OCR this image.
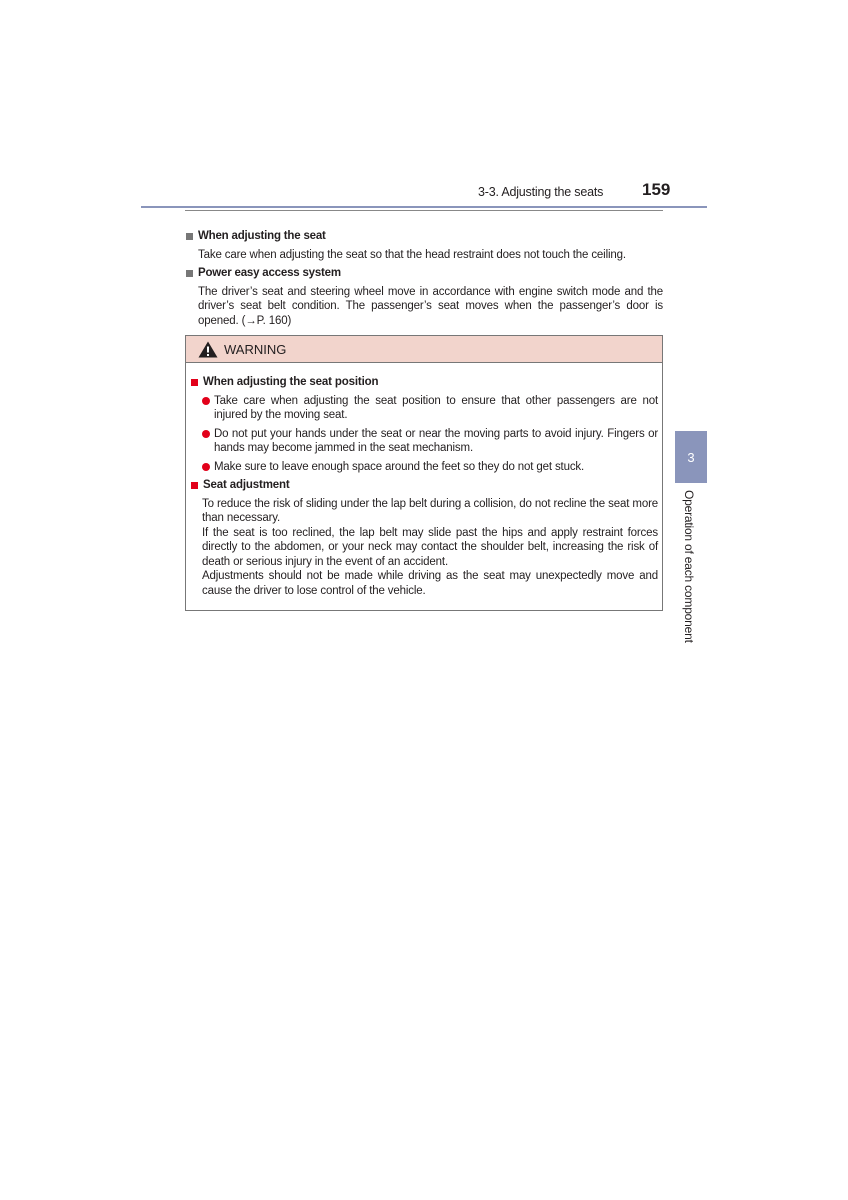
3-3. Adjusting the seats 159
3
Operation of each component
When adjusting the seat
Take care when adjusting the seat so that the head restraint does not touch the ceiling.
Power easy access system
The driver’s seat and steering wheel move in accordance with engine switch mode and the driver’s seat belt condition. The passenger’s seat moves when the passenger’s door is opened. (→P. 160)
WARNING
When adjusting the seat position
Take care when adjusting the seat position to ensure that other passengers are not injured by the moving seat.
Do not put your hands under the seat or near the moving parts to avoid injury. Fingers or hands may become jammed in the seat mechanism.
Make sure to leave enough space around the feet so they do not get stuck.
Seat adjustment
To reduce the risk of sliding under the lap belt during a collision, do not recline the seat more than necessary.
If the seat is too reclined, the lap belt may slide past the hips and apply restraint forces directly to the abdomen, or your neck may contact the shoulder belt, increasing the risk of death or serious injury in the event of an accident.
Adjustments should not be made while driving as the seat may unexpectedly move and cause the driver to lose control of the vehicle.
